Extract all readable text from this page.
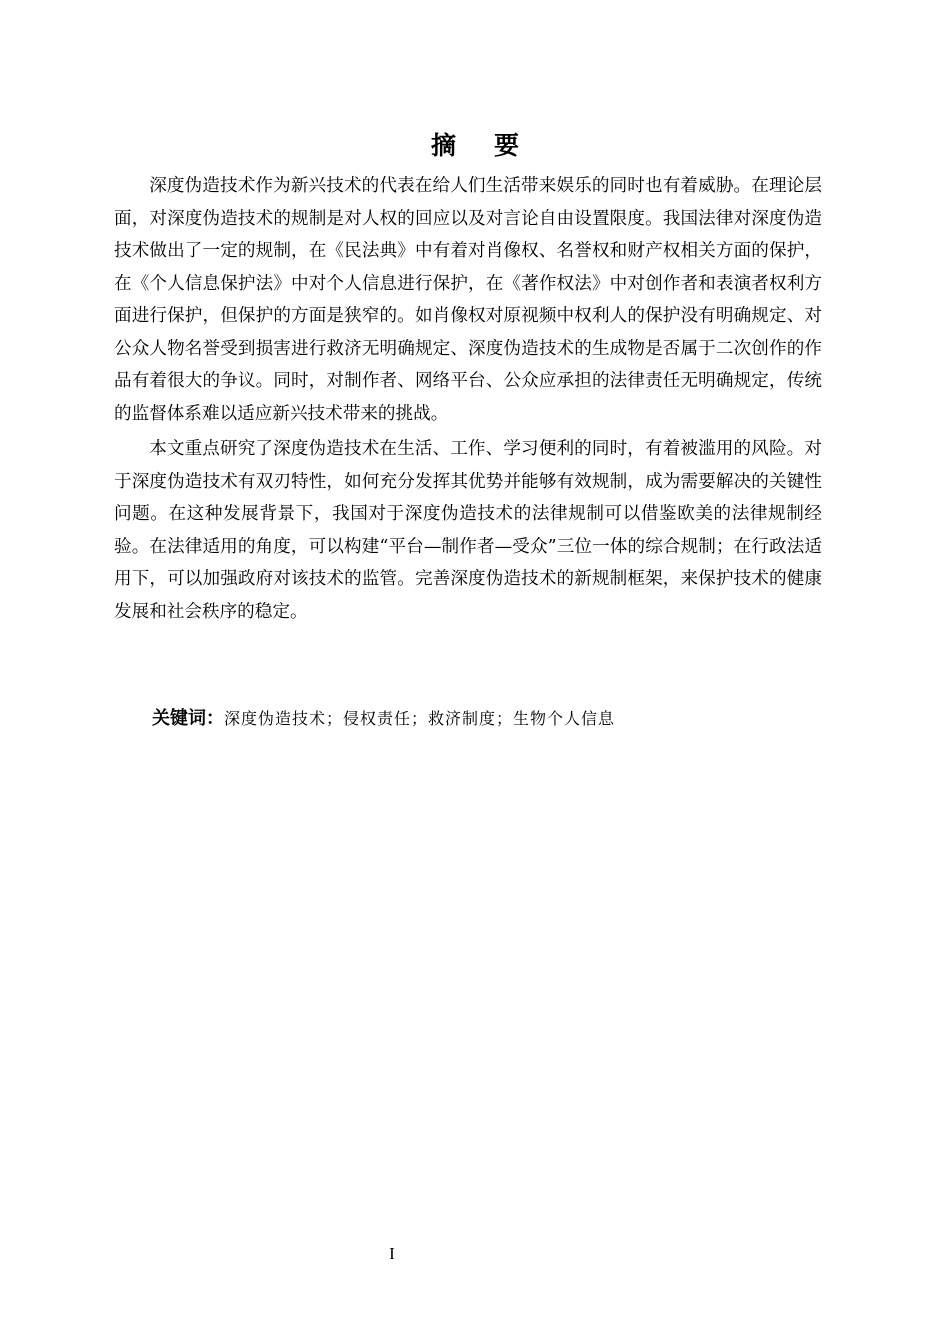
摘 要

深度伪造技术作为新兴技术的代表在给人们生活带来娱乐的同时也有着威胁。在理论层面，对深度伪造技术的规制是对人权的回应以及对言论自由设置限度。我国法律对深度伪造技术做出了一定的规制，在《民法典》中有着对肖像权、名誉权和财产权相关方面的保护，在《个人信息保护法》中对个人信息进行保护，在《著作权法》中对创作者和表演者权利方面进行保护，但保护的方面是狭窄的。如肖像权对原视频中权利人的保护没有明确规定、对公众人物名誉受到损害进行救济无明确规定、深度伪造技术的生成物是否属于二次创作的作品有着很大的争议。同时，对制作者、网络平台、公众应承担的法律责任无明确规定，传统的监督体系难以适应新兴技术带来的挑战。

本文重点研究了深度伪造技术在生活、工作、学习便利的同时，有着被滥用的风险。对于深度伪造技术有双刃特性，如何充分发挥其优势并能够有效规制，成为需要解决的关键性问题。在这种发展背景下，我国对于深度伪造技术的法律规制可以借鉴欧美的法律规制经验。在法律适用的角度，可以构建“平台—制作者—受众”三位一体的综合规制；在行政法适用下，可以加强政府对该技术的监管。完善深度伪造技术的新规制框架，来保护技术的健康发展和社会秩序的稳定。

关键词：深度伪造技术；侵权责任；救济制度；生物个人信息
I
